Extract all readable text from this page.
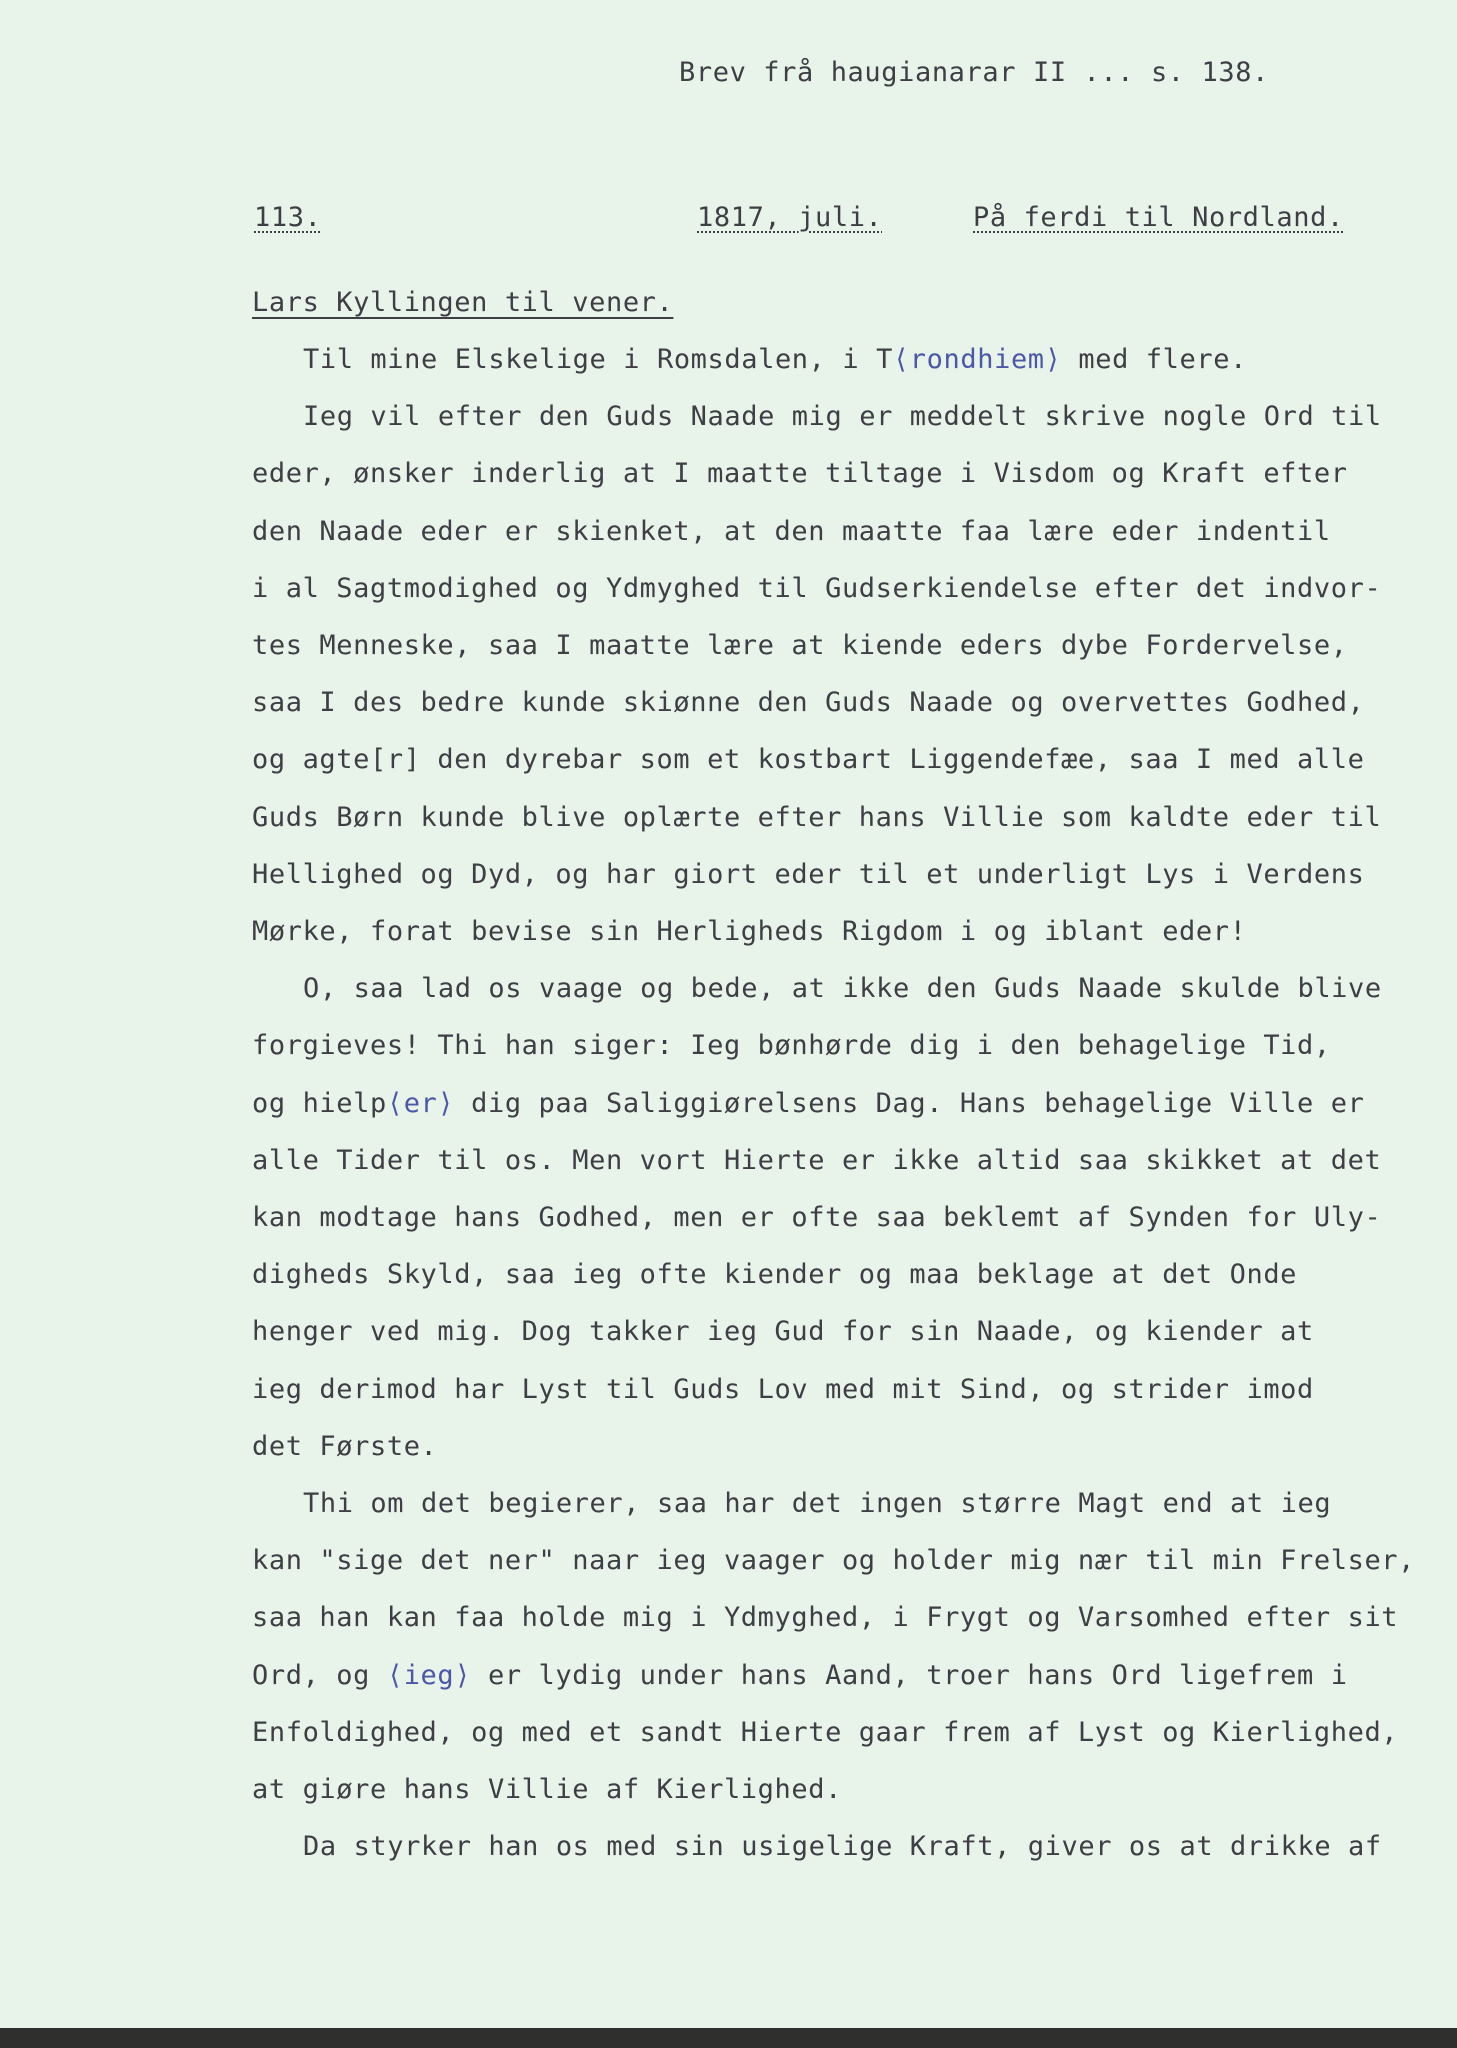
Brev frå haugianarar II ... s. 138.
113.	1817, juli.	På ferdi til Nordland.
Lars Kyllingen til vener.
Til mine Elskelige i Romsdalen, i T⟨rondhiem⟩ med flere.
Ieg vil efter den Guds Naade mig er meddelt skrive nogle Ord til
eder, ønsker inderlig at I maatte tiltage i Visdom og Kraft efter
den Naade eder er skienket, at den maatte faa lære eder indentil
i al Sagtmodighed og Ydmyghed til Gudserkiendelse efter det indvor-
tes Menneske, saa I maatte lære at kiende eders dybe Fordervelse,
saa I des bedre kunde skiønne den Guds Naade og overvettes Godhed,
og agte[r] den dyrebar som et kostbart Liggendefæe, saa I med alle
Guds Børn kunde blive oplærte efter hans Villie som kaldte eder til
Hellighed og Dyd, og har giort eder til et underligt Lys i Verdens
Mørke, forat bevise sin Herligheds Rigdom i og iblant eder!
O, saa lad os vaage og bede, at ikke den Guds Naade skulde blive
forgieves! Thi han siger: Ieg bønhørde dig i den behagelige Tid,
og hielp⟨er⟩ dig paa Saliggiørelsens Dag. Hans behagelige Ville er
alle Tider til os. Men vort Hierte er ikke altid saa skikket at det
kan modtage hans Godhed, men er ofte saa beklemt af Synden for Uly-
digheds Skyld, saa ieg ofte kiender og maa beklage at det Onde
henger ved mig. Dog takker ieg Gud for sin Naade, og kiender at
ieg derimod har Lyst til Guds Lov med mit Sind, og strider imod
det Første.
Thi om det begierer, saa har det ingen større Magt end at ieg
kan "sige det ner" naar ieg vaager og holder mig nær til min Frelser,
saa han kan faa holde mig i Ydmyghed, i Frygt og Varsomhed efter sit
Ord, og ⟨ieg⟩ er lydig under hans Aand, troer hans Ord ligefrem i
Enfoldighed, og med et sandt Hierte gaar frem af Lyst og Kierlighed,
at giøre hans Villie af Kierlighed.
Da styrker han os med sin usigelige Kraft, giver os at drikke af
